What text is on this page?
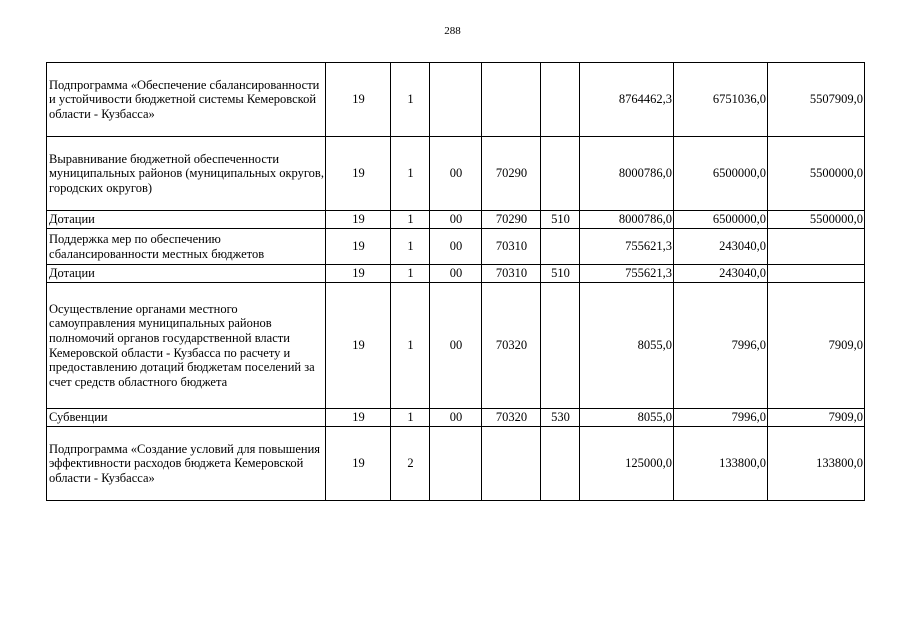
288
Подпрограмма «Обеспечение сбалансированности и устойчивости бюджетной системы Кемеровской области - Кузбасса»	19	1				8764462,3	6751036,0	5507909,0
Выравнивание бюджетной обеспеченности муниципальных районов (муниципальных округов, городских округов)	19	1	00	70290		8000786,0	6500000,0	5500000,0
Дотации	19	1	00	70290	510	8000786,0	6500000,0	5500000,0
Поддержка мер по обеспечению сбалансированности местных бюджетов	19	1	00	70310		755621,3	243040,0	
Дотации	19	1	00	70310	510	755621,3	243040,0	
Осуществление органами местного самоуправления муниципальных районов полномочий органов государственной власти Кемеровской области - Кузбасса по расчету и предоставлению дотаций бюджетам поселений за счет средств областного бюджета	19	1	00	70320		8055,0	7996,0	7909,0
Субвенции	19	1	00	70320	530	8055,0	7996,0	7909,0
Подпрограмма «Создание условий для повышения эффективности расходов бюджета Кемеровской области - Кузбасса»	19	2				125000,0	133800,0	133800,0
